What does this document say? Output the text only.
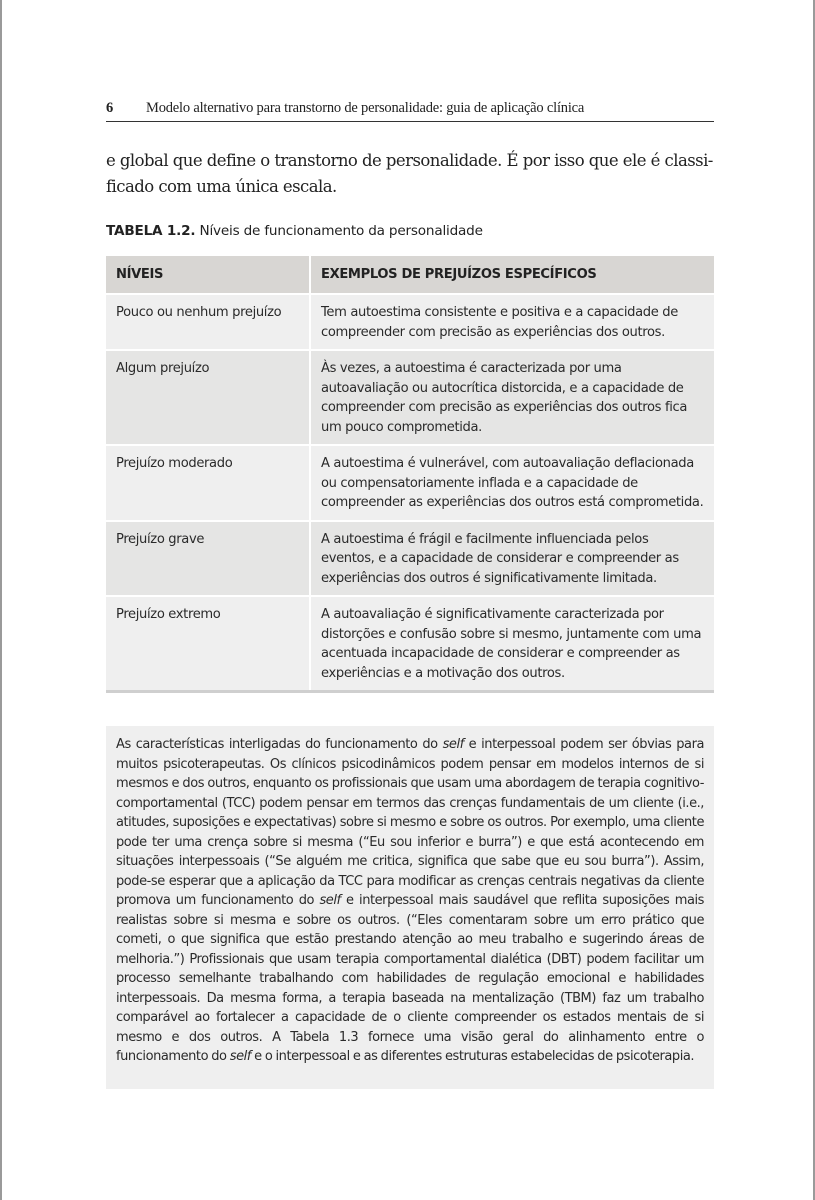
6	Modelo alternativo para transtorno de personalidade: guia de aplicação clínica

e global que define o transtorno de personalidade. É por isso que ele é classi-ficado com uma única escala.

TABELA 1.2. Níveis de funcionamento da personalidade
NÍVEIS	EXEMPLOS DE PREJUÍZOS ESPECÍFICOS
Pouco ou nenhum prejuízo	Tem autoestima consistente e positiva e a capacidade de compreender com precisão as experiências dos outros.
Algum prejuízo	Às vezes, a autoestima é caracterizada por uma autoavaliação ou autocrítica distorcida, e a capacidade de compreender com precisão as experiências dos outros fica um pouco comprometida.
Prejuízo moderado	A autoestima é vulnerável, com autoavaliação deflacionada ou compensatoriamente inflada e a capacidade de compreender as experiências dos outros está comprometida.
Prejuízo grave	A autoestima é frágil e facilmente influenciada pelos eventos, e a capacidade de considerar e compreender as experiências dos outros é significativamente limitada.
Prejuízo extremo	A autoavaliação é significativamente caracterizada por distorções e confusão sobre si mesmo, juntamente com uma acentuada incapacidade de considerar e compreender as experiências e a motivação dos outros.
As características interligadas do funcionamento do self e interpessoal podem ser óbvias para muitos psicoterapeutas. Os clínicos psicodinâmicos podem pensar em modelos internos de si mesmos e dos outros, enquanto os profissionais que usam uma abordagem de terapia cognitivo-comportamental (TCC) podem pensar em termos das crenças fundamentais de um cliente (i.e., atitudes, suposições e expectativas) sobre si mesmo e sobre os outros. Por exemplo, uma cliente pode ter uma crença sobre si mesma (“Eu sou inferior e burra”) e que está acontecendo em situações interpessoais (“Se alguém me critica, significa que sabe que eu sou burra”). Assim, pode-se esperar que a aplicação da TCC para modificar as crenças centrais negativas da cliente promova um funcionamento do self e interpessoal mais saudável que reflita suposições mais realistas sobre si mesma e sobre os outros. (“Eles comentaram sobre um erro prático que cometi, o que significa que estão prestando atenção ao meu trabalho e sugerindo áreas de melhoria.”) Profissionais que usam terapia comportamental dialética (DBT) podem facilitar um processo semelhante trabalhando com habilidades de regulação emocional e habilidades interpessoais. Da mesma forma, a terapia baseada na mentalização (TBM) faz um trabalho comparável ao fortalecer a capacidade de o cliente compreender os estados mentais de si mesmo e dos outros. A Tabela 1.3 fornece uma visão geral do alinhamento entre o funcionamento do self e o interpessoal e as diferentes estruturas estabelecidas de psicoterapia.
